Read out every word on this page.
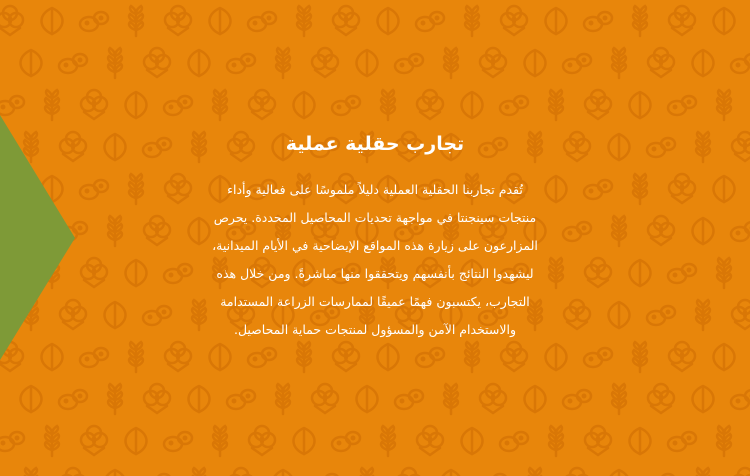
تجارب حقلية عملية

تُقدم تجاربنا الحقلية العملية دليلاً ملموسًا على فعالية وأداء
منتجات سينجنتا في مواجهة تحديات المحاصيل المحددة. يحرص
المزارعون على زيارة هذه المواقع الإيضاحية في الأيام الميدانية،
ليشهدوا النتائج بأنفسهم ويتحققوا منها مباشرةً. ومن خلال هذه
التجارب، يكتسبون فهمًا عميقًا لممارسات الزراعة المستدامة
والاستخدام الآمن والمسؤول لمنتجات حماية المحاصيل.
